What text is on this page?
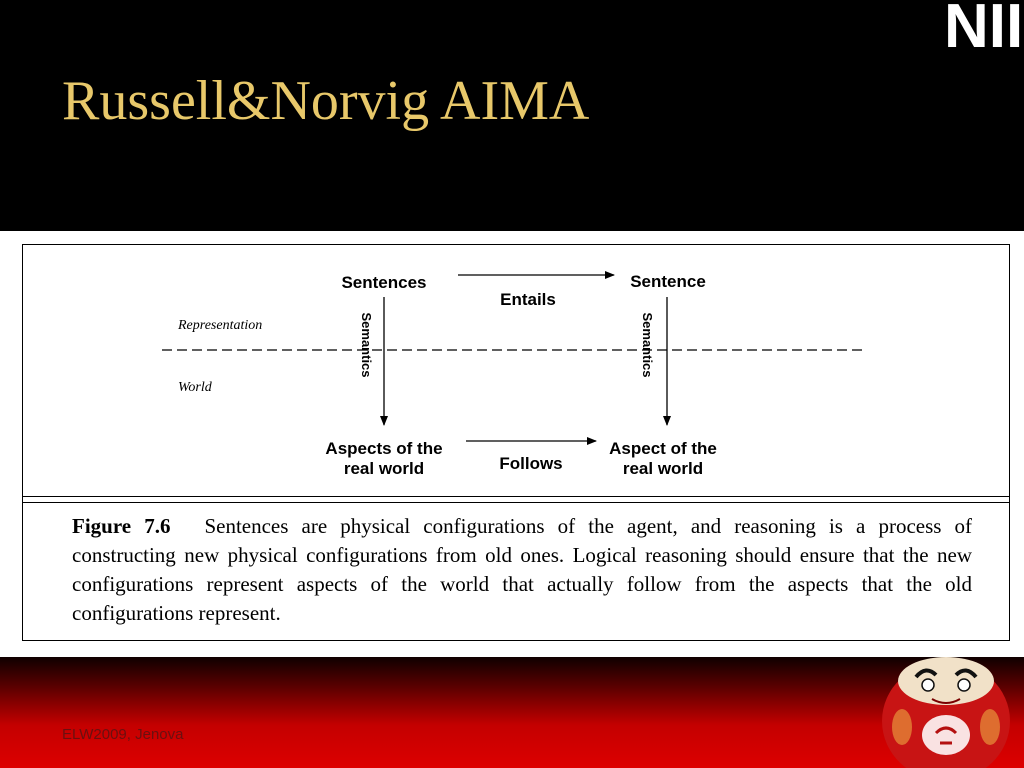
Russell&Norvig AIMA
NII
Sentences	Sentence
Aspects of the
real world
Aspect of the
real world
Entails
Follows
Semantics	Semantics
Representation
World

Figure 7.6 Sentences are physical configurations of the agent, and reasoning is a process of constructing new physical configurations from old ones. Logical reasoning should ensure that the new configurations represent aspects of the world that actually follow from the aspects that the old configurations represent.

ELW2009, Jenova
